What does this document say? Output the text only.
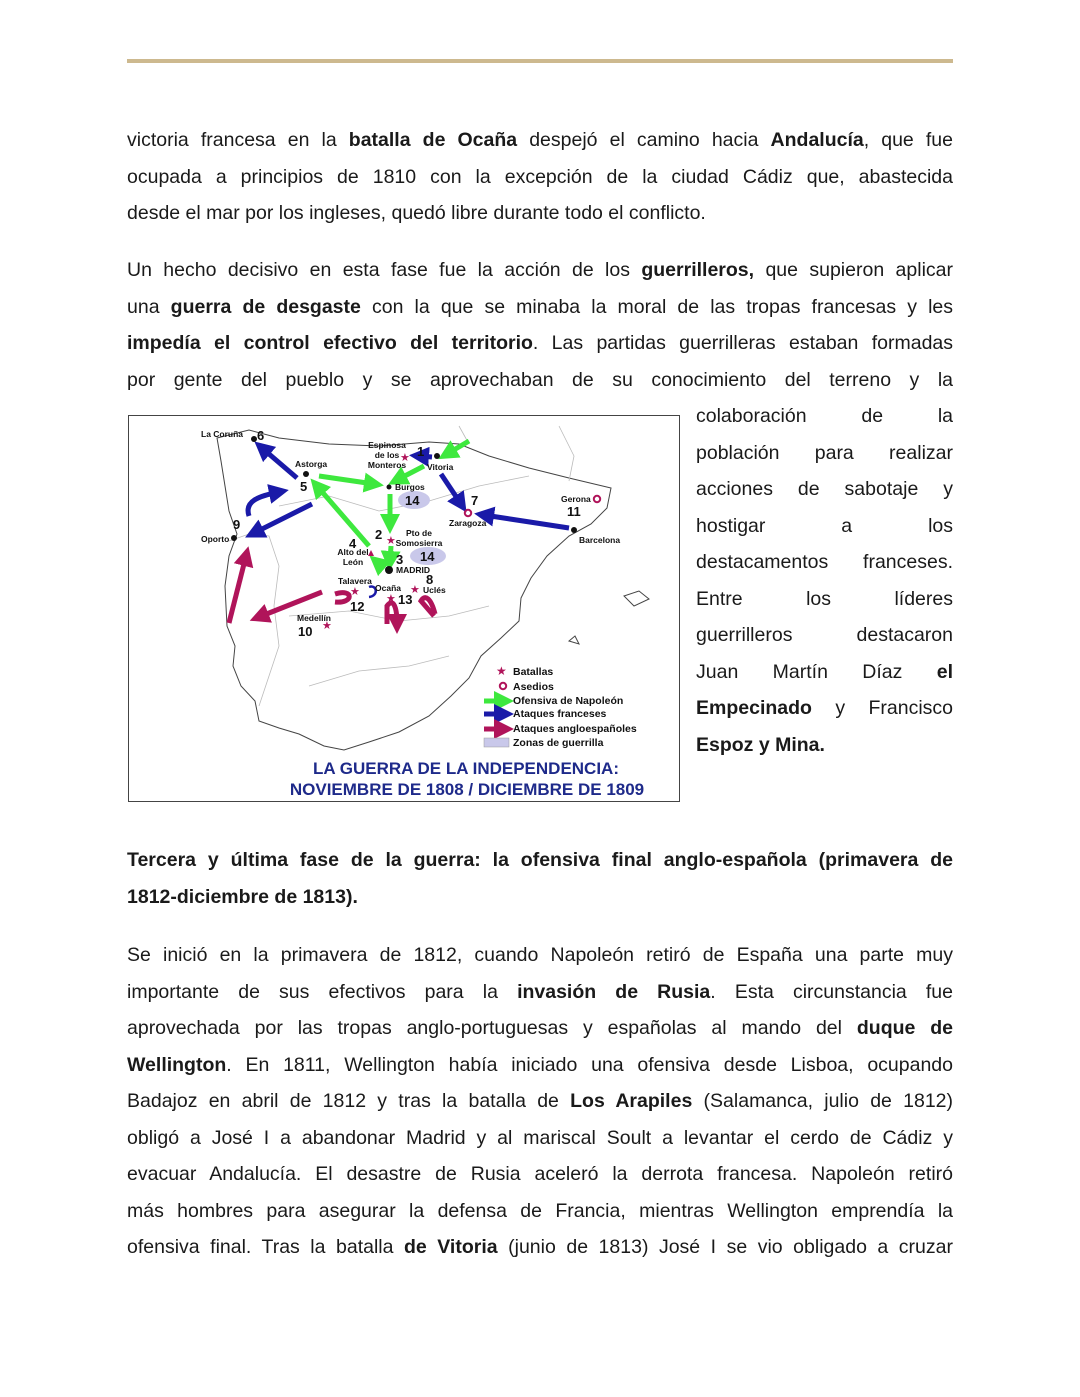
victoria francesa en la batalla de Ocaña despejó el camino hacia Andalucía, que fue
ocupada a principios de 1810 con la excepción de la ciudad Cádiz que, abastecida
desde el mar por los ingleses, quedó libre durante todo el conflicto.
Un hecho decisivo en esta fase fue la acción de los guerrilleros, que supieron aplicar
una guerra de desgaste con la que se minaba la moral de las tropas francesas y les
impedía el control efectivo del territorio. Las partidas guerrilleras estaban formadas
por gente del pueblo y se aprovechaban de su conocimiento del terreno y la
colaboración de la
población para realizar
acciones de sabotaje y
hostigar a los
destacamentos franceses.
Entre los líderes
guerrilleros destacaron
Juan Martín Díaz el
Empecinado y Francisco
Espoz y Mina.
Tercera y última fase de la guerra: la ofensiva final anglo-española (primavera de
1812-diciembre de 1813).
Se inició en la primavera de 1812, cuando Napoleón retiró de España una parte muy
importante de sus efectivos para la invasión de Rusia. Esta circunstancia fue
aprovechada por las tropas anglo-portuguesas y españolas al mando del duque de
Wellington. En 1811, Wellington había iniciado una ofensiva desde Lisboa, ocupando
Badajoz en abril de 1812 y tras la batalla de Los Arapiles (Salamanca, julio de 1812)
obligó a José I a abandonar Madrid y al mariscal Soult a levantar el cerdo de Cádiz y
evacuar Andalucía. El desastre de Rusia aceleró la derrota francesa. Napoleón retiró
más hombres para asegurar la defensa de Francia, mientras Wellington emprendía la
ofensiva final. Tras la batalla de Vitoria (junio de 1813) José I se vio obligado a cruzar
★
★
★
★
★
★
La Coruña
Espinosa
de los
Monteros Vitoria
Astorga
Burgos
Zaragoza
Gerona
Barcelona
Oporto
Pto de
Somosierra
Alto del
León
MADRID
Talavera
Ocaña	Uclés
Medellín
1
2
3
4
5
6
7
8
9
10
11
12	13
14
14
★ Batallas
Asedios
Ofensiva de Napoleón
Ataques franceses
Ataques angloespañoles
Zonas de guerrilla
LA GUERRA DE LA INDEPENDENCIA:
NOVIEMBRE DE 1808 / DICIEMBRE DE 1809
